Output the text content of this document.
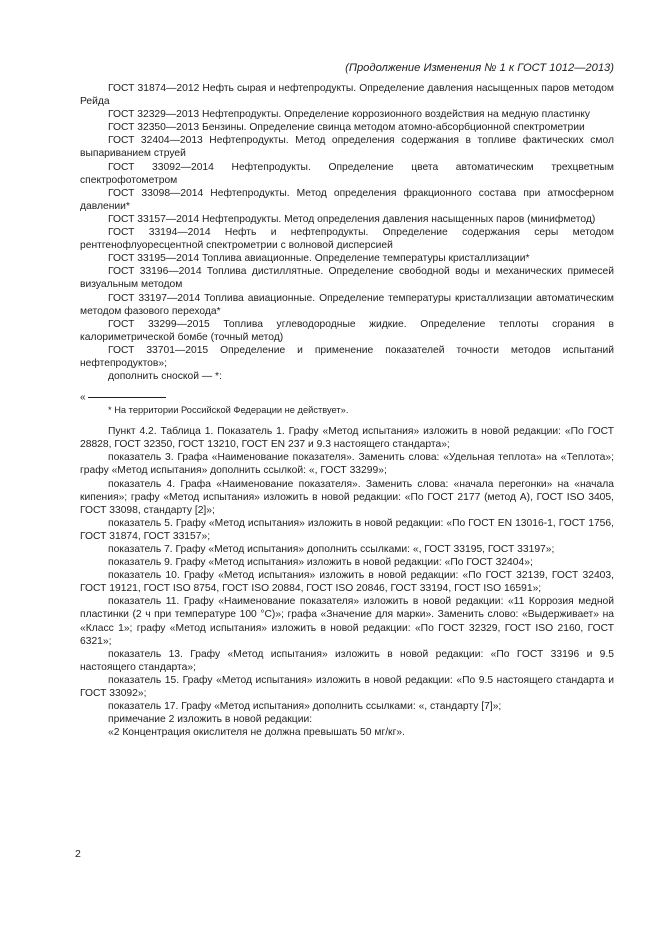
(Продолжение Изменения № 1 к ГОСТ 1012—2013)

ГОСТ 31874—2012 Нефть сырая и нефтепродукты. Определение давления насыщенных паров методом Рейда

ГОСТ 32329—2013 Нефтепродукты. Определение коррозионного воздействия на медную пластинку

ГОСТ 32350—2013 Бензины. Определение свинца методом атомно-абсорбционной спектрометрии

ГОСТ 32404—2013 Нефтепродукты. Метод определения содержания в топливе фактических смол выпариванием струей

ГОСТ 33092—2014 Нефтепродукты. Определение цвета автоматическим трехцветным спектрофотометром

ГОСТ 33098—2014 Нефтепродукты. Метод определения фракционного состава при атмосферном давлении*

ГОСТ 33157—2014 Нефтепродукты. Метод определения давления насыщенных паров (минифметод)

ГОСТ 33194—2014 Нефть и нефтепродукты. Определение содержания серы методом рентгенофлуоресцентной спектрометрии с волновой дисперсией

ГОСТ 33195—2014 Топлива авиационные. Определение температуры кристаллизации*

ГОСТ 33196—2014 Топлива дистиллятные. Определение свободной воды и механических примесей визуальным методом

ГОСТ 33197—2014 Топлива авиационные. Определение температуры кристаллизации автоматическим методом фазового перехода*

ГОСТ 33299—2015 Топлива углеводородные жидкие. Определение теплоты сгорания в калориметрической бомбе (точный метод)

ГОСТ 33701—2015 Определение и применение показателей точности методов испытаний нефтепродуктов»;

дополнить сноской — *:

«

* На территории Российской Федерации не действует».

Пункт 4.2. Таблица 1. Показатель 1. Графу «Метод испытания» изложить в новой редакции: «По ГОСТ 28828, ГОСТ 32350, ГОСТ 13210, ГОСТ EN 237 и 9.3 настоящего стандарта»;

показатель 3. Графа «Наименование показателя». Заменить слова: «Удельная теплота» на «Теплота»; графу «Метод испытания» дополнить ссылкой: «, ГОСТ 33299»;

показатель 4. Графа «Наименование показателя». Заменить слова: «начала перегонки» на «начала кипения»; графу «Метод испытания» изложить в новой редакции: «По ГОСТ 2177 (метод А), ГОСТ ISO 3405, ГОСТ 33098, стандарту [2]»;

показатель 5. Графу «Метод испытания» изложить в новой редакции: «По ГОСТ EN 13016-1, ГОСТ 1756, ГОСТ 31874, ГОСТ 33157»;

показатель 7. Графу «Метод испытания» дополнить ссылками: «, ГОСТ 33195, ГОСТ 33197»;

показатель 9. Графу «Метод испытания» изложить в новой редакции: «По ГОСТ 32404»;

показатель 10. Графу «Метод испытания» изложить в новой редакции: «По ГОСТ 32139, ГОСТ 32403, ГОСТ 19121, ГОСТ ISO 8754, ГОСТ ISO 20884, ГОСТ ISO 20846, ГОСТ 33194, ГОСТ ISO 16591»;

показатель 11. Графу «Наименование показателя» изложить в новой редакции: «11 Коррозия медной пластинки (2 ч при температуре 100 °C)»; графа «Значение для марки». Заменить слово: «Выдерживает» на «Класс 1»; графу «Метод испытания» изложить в новой редакции: «По ГОСТ 32329, ГОСТ ISO 2160, ГОСТ 6321»;

показатель 13. Графу «Метод испытания» изложить в новой редакции: «По ГОСТ 33196 и 9.5 настоящего стандарта»;

показатель 15. Графу «Метод испытания» изложить в новой редакции: «По 9.5 настоящего стандарта и ГОСТ 33092»;

показатель 17. Графу «Метод испытания» дополнить ссылками: «, стандарту [7]»;

примечание 2 изложить в новой редакции:

«2 Концентрация окислителя не должна превышать 50 мг/кг».

2
